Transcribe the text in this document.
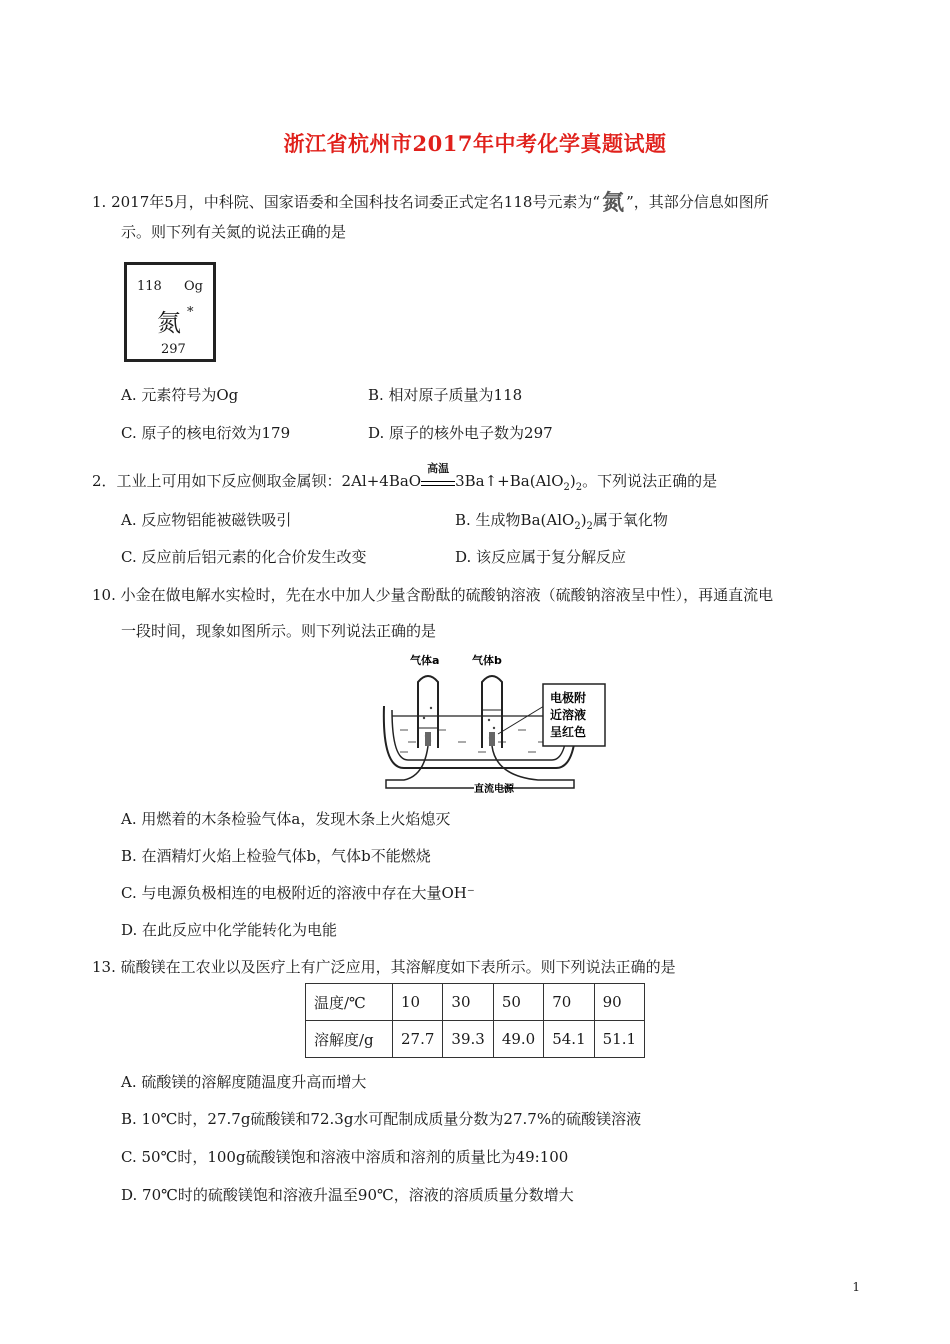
浙江省杭州市2017年中考化学真题试题
1. 2017年5月，中科院、国家语委和全国科技名词委正式定名118号元素为“氮 ”，其部分信息如图所
示。则下列有关氮的说法正确的是
118 Og
氮 *
297
A. 元素符号为Og	B. 相对原子质量为118
C. 原子的核电衍效为179	D. 原子的核外电子数为297
2．工业上可用如下反应侧取金属钡：2Al+4BaO
高温
$3Ba↑+Ba(AlO_2)_2$。下列说法正确的是
A. 反应物铝能被磁铁吸引	B. 生成物$Ba(AlO_2)_2$属于氧化物
C. 反应前后铝元素的化合价发生改变	D. 该反应属于复分解反应
10. 小金在做电解水实检时，先在水中加人少量含酚酞的硫酸钠溶液（硫酸钠溶液呈中性），再通直流电
一段时间，现象如图所示。则下列说法正确的是
气体a	气体b
电极附
近溶液
呈红色
直流电源
A. 用燃着的木条检验气体a，发现木条上火焰熄灭
B. 在酒精灯火焰上检验气体b，气体b不能燃烧
C. 与电源负极相连的电极附近的溶液中存在大量OH⁻
D. 在此反应中化学能转化为电能
13. 硫酸镁在工农业以及医疗上有广泛应用，其溶解度如下表所示。则下列说法正确的是
温度/℃	10	30	50	70	90
溶解度/g	27.7	39.3	49.0	54.1	51.1
A. 硫酸镁的溶解度随温度升高而增大
B. 10℃时，27.7g硫酸镁和72.3g水可配制成质量分数为27.7%的硫酸镁溶液
C. 50℃时，100g硫酸镁饱和溶液中溶质和溶剂的质量比为49:100
D. 70℃时的硫酸镁饱和溶液升温至90℃，溶液的溶质质量分数增大
1
